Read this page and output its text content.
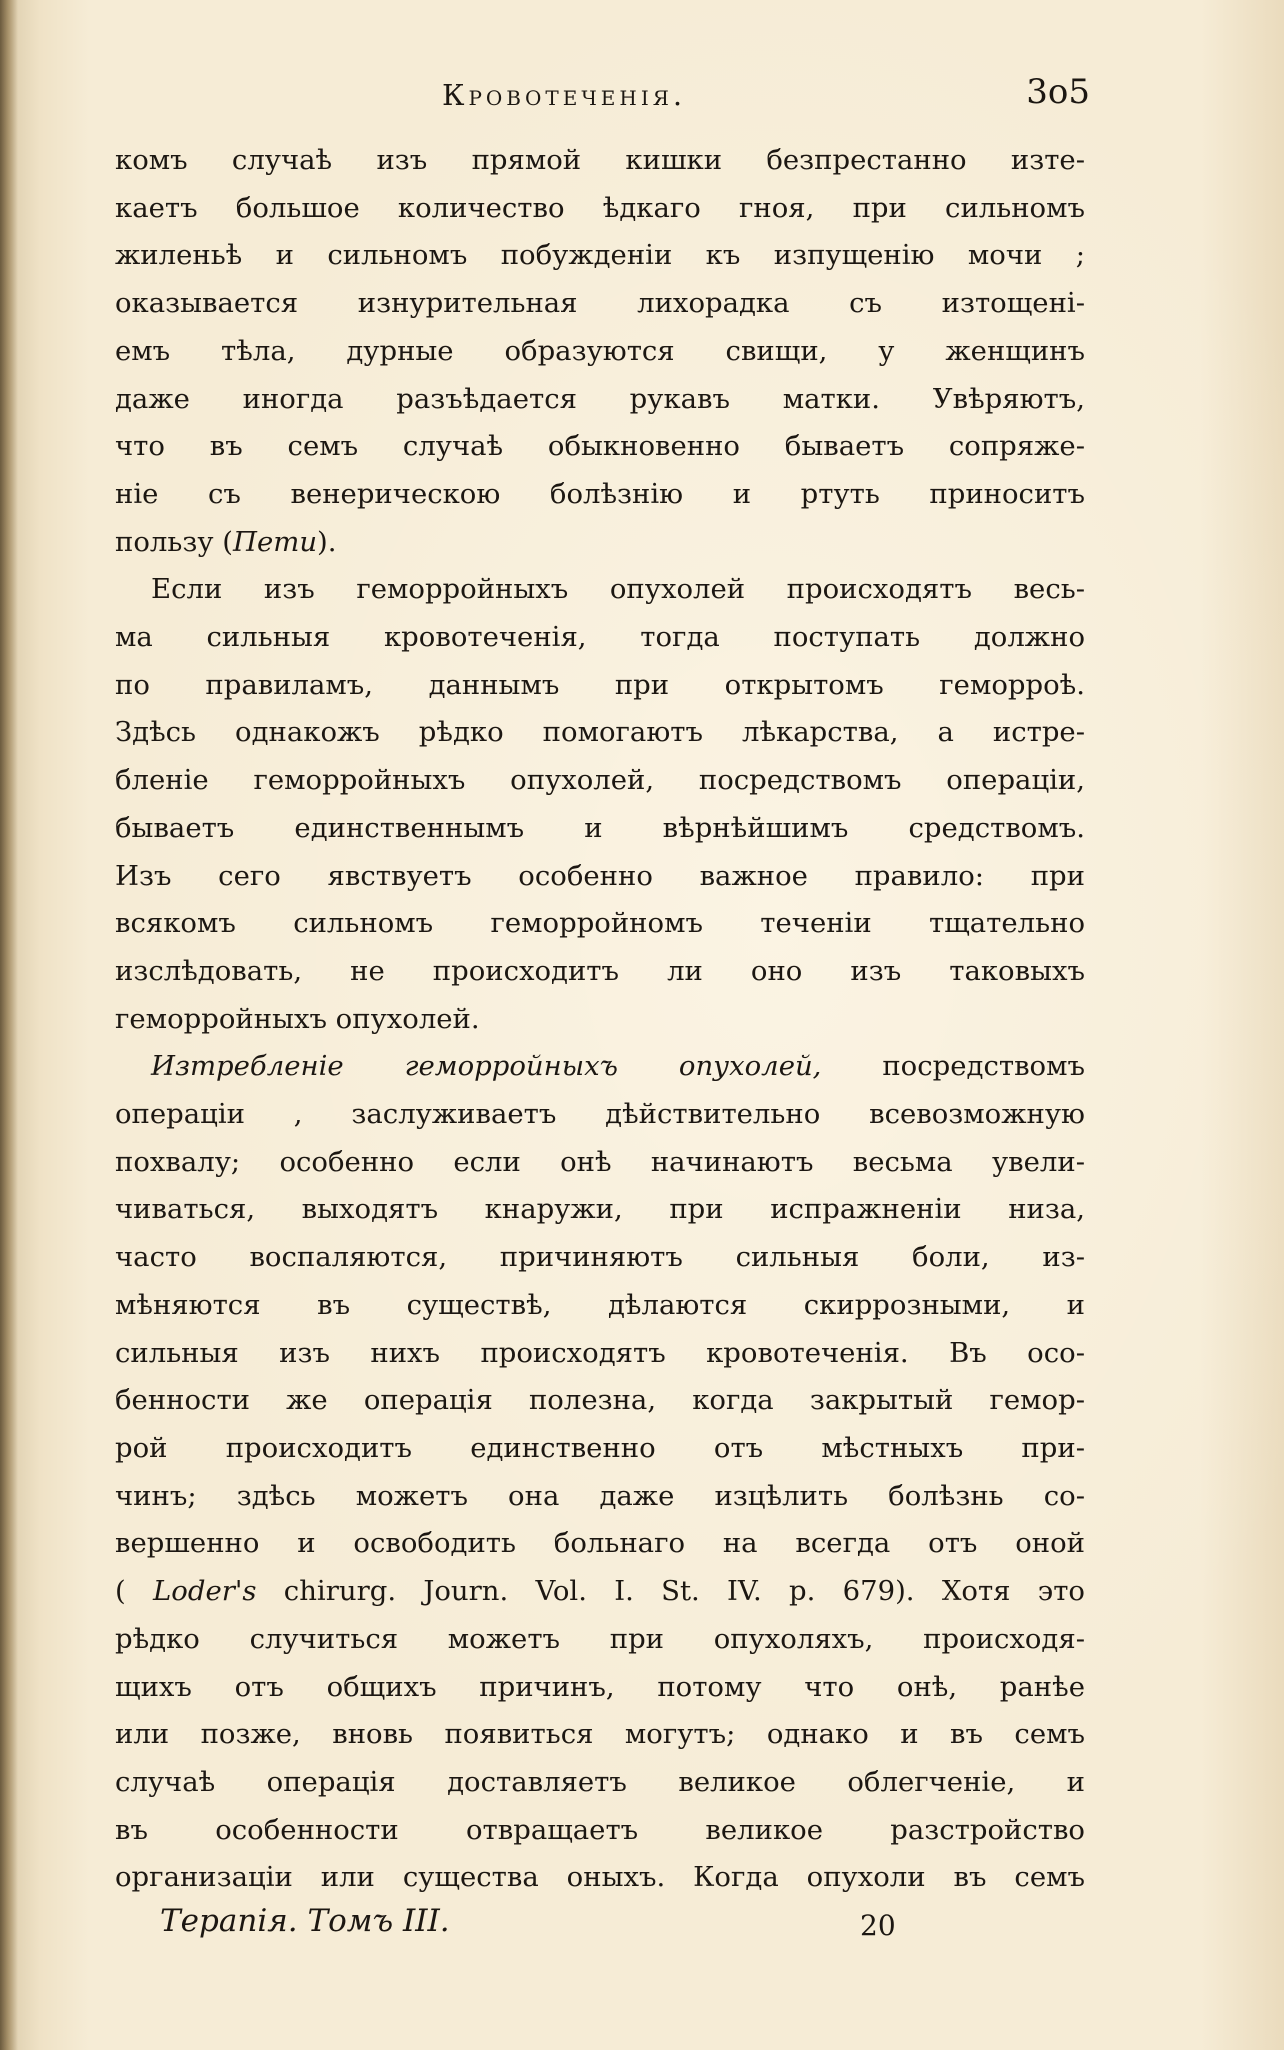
Кровотеченія.	3o5
комъ случаѣ изъ прямой кишки безпрестанно изте-
каетъ большое количество ѣдкаго гноя, при сильномъ
жиленьѣ и сильномъ побужденіи къ изпущенію мочи ;
оказывается изнурительная лихорадка съ изтощені-
емъ тѣла, дурные образуются свищи, у женщинъ
даже иногда разъѣдается рукавъ матки. Увѣряютъ,
что въ семъ случаѣ обыкновенно бываетъ сопряже-
ніе съ венерическою болѣзнію и ртуть приноситъ
пользу (Пети).
Если изъ геморройныхъ опухолей происходятъ весь-
ма сильныя кровотеченія, тогда поступать должно
по правиламъ, даннымъ при открытомъ геморроѣ.
Здѣсь однакожъ рѣдко помогаютъ лѣкарства, а истре-
бленіе геморройныхъ опухолей, посредствомъ операціи,
бываетъ единственнымъ и вѣрнѣйшимъ средствомъ.
Изъ сего явствуетъ особенно важное правило: при
всякомъ сильномъ геморройномъ теченіи тщательно
изслѣдовать, не происходитъ ли оно изъ таковыхъ
геморройныхъ опухолей.
Изтребленіе геморройныхъ опухолей, посредствомъ
операціи , заслуживаетъ дѣйствительно всевозможную
похвалу; особенно если онѣ начинаютъ весьма увели-
чиваться, выходятъ кнаружи, при испражненіи низа,
часто воспаляются, причиняютъ сильныя боли, из-
мѣняются въ существѣ, дѣлаются скиррозными, и
сильныя изъ нихъ происходятъ кровотеченія. Въ осо-
бенности же операція полезна, когда закрытый гемор-
рой происходитъ единственно отъ мѣстныхъ при-
чинъ; здѣсь можетъ она даже изцѣлить болѣзнь со-
вершенно и освободить больнаго на всегда отъ оной
( Loder's chirurg. Journ. Vol. I. St. IV. p. 679). Хотя это
рѣдко случиться можетъ при опухоляхъ, происходя-
щихъ отъ общихъ причинъ, потому что онѣ, ранѣе
или позже, вновь появиться могутъ; однако и въ семъ
случаѣ операція доставляетъ великое облегченіе, и
въ особенности отвращаетъ великое разстройство
организаціи или существа оныхъ. Когда опухоли въ семъ
Терапія. Томъ III.	20
